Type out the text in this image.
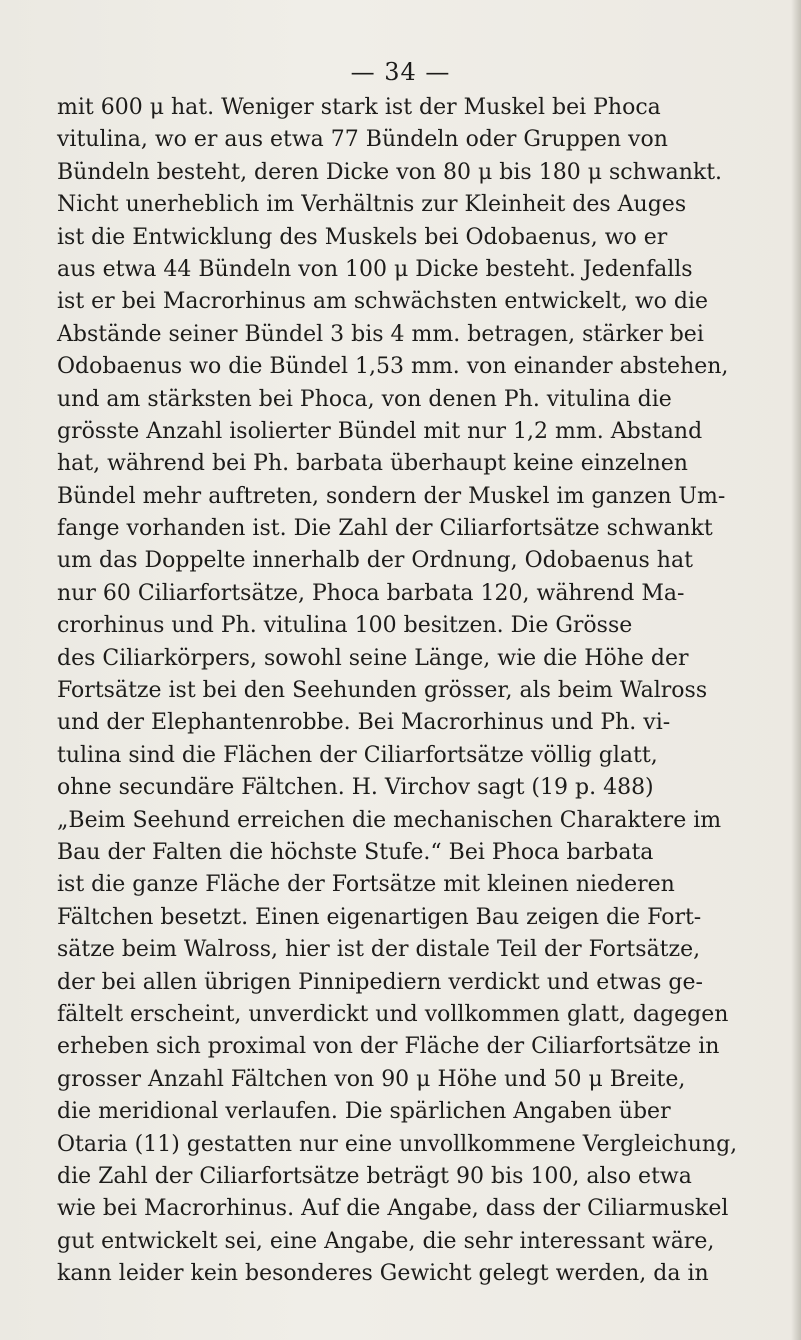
— 34 —
mit 600 μ hat. Weniger stark ist der Muskel bei Phoca
vitulina, wo er aus etwa 77 Bündeln oder Gruppen von
Bündeln besteht, deren Dicke von 80 μ bis 180 μ schwankt.
Nicht unerheblich im Verhältnis zur Kleinheit des Auges
ist die Entwicklung des Muskels bei Odobaenus, wo er
aus etwa 44 Bündeln von 100 μ Dicke besteht. Jedenfalls
ist er bei Macrorhinus am schwächsten entwickelt, wo die
Abstände seiner Bündel 3 bis 4 mm. betragen, stärker bei
Odobaenus wo die Bündel 1,53 mm. von einander abstehen,
und am stärksten bei Phoca, von denen Ph. vitulina die
grösste Anzahl isolierter Bündel mit nur 1,2 mm. Abstand
hat, während bei Ph. barbata überhaupt keine einzelnen
Bündel mehr auftreten, sondern der Muskel im ganzen Um-
fange vorhanden ist. Die Zahl der Ciliarfortsätze schwankt
um das Doppelte innerhalb der Ordnung, Odobaenus hat
nur 60 Ciliarfortsätze, Phoca barbata 120, während Ma-
crorhinus und Ph. vitulina 100 besitzen. Die Grösse
des Ciliarkörpers, sowohl seine Länge, wie die Höhe der
Fortsätze ist bei den Seehunden grösser, als beim Walross
und der Elephantenrobbe. Bei Macrorhinus und Ph. vi-
tulina sind die Flächen der Ciliarfortsätze völlig glatt,
ohne secundäre Fältchen. H. Virchov sagt (19 p. 488)
„Beim Seehund erreichen die mechanischen Charaktere im
Bau der Falten die höchste Stufe.“ Bei Phoca barbata
ist die ganze Fläche der Fortsätze mit kleinen niederen
Fältchen besetzt. Einen eigenartigen Bau zeigen die Fort-
sätze beim Walross, hier ist der distale Teil der Fortsätze,
der bei allen übrigen Pinnipediern verdickt und etwas ge-
fältelt erscheint, unverdickt und vollkommen glatt, dagegen
erheben sich proximal von der Fläche der Ciliarfortsätze in
grosser Anzahl Fältchen von 90 μ Höhe und 50 μ Breite,
die meridional verlaufen. Die spärlichen Angaben über
Otaria (11) gestatten nur eine unvollkommene Vergleichung,
die Zahl der Ciliarfortsätze beträgt 90 bis 100, also etwa
wie bei Macrorhinus. Auf die Angabe, dass der Ciliarmuskel
gut entwickelt sei, eine Angabe, die sehr interessant wäre,
kann leider kein besonderes Gewicht gelegt werden, da in
